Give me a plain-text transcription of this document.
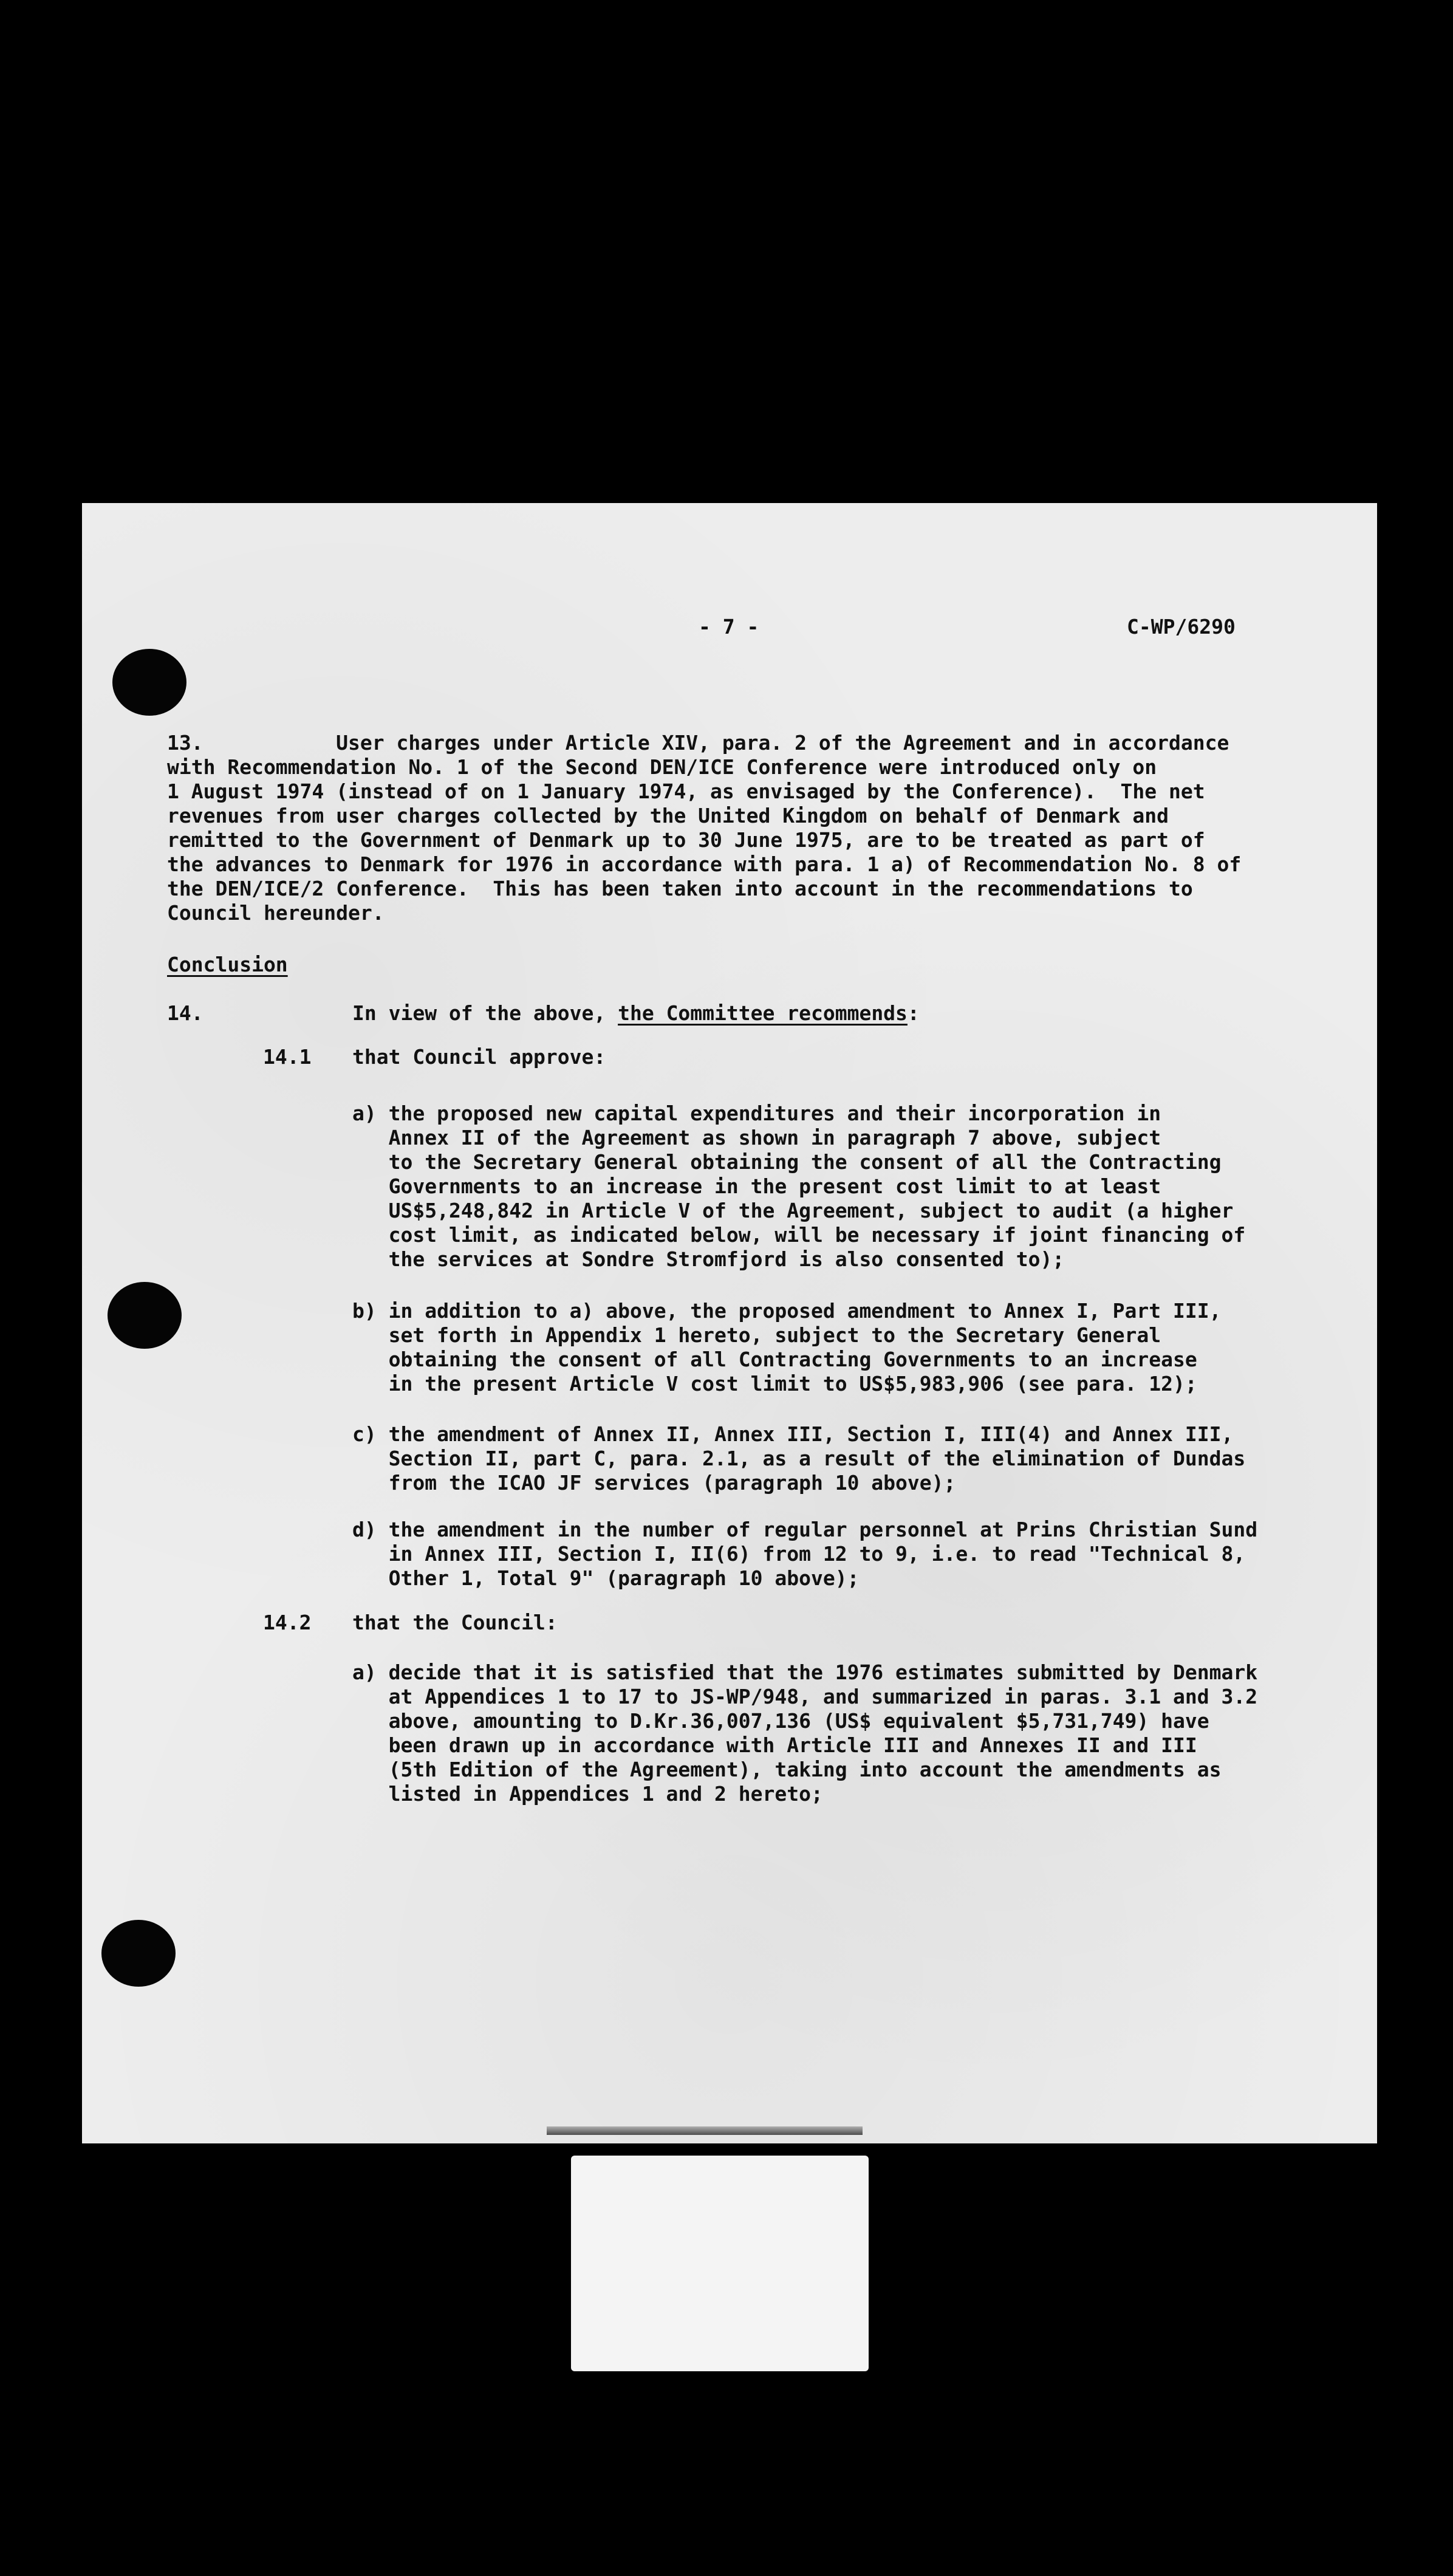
- 7 -	C-WP/6290
13.           User charges under Article XIV, para. 2 of the Agreement and in accordance
with Recommendation No. 1 of the Second DEN/ICE Conference were introduced only on
1 August 1974 (instead of on 1 January 1974, as envisaged by the Conference).  The net
revenues from user charges collected by the United Kingdom on behalf of Denmark and
remitted to the Government of Denmark up to 30 June 1975, are to be treated as part of
the advances to Denmark for 1976 in accordance with para. 1 a) of Recommendation No. 8 of
the DEN/ICE/2 Conference.  This has been taken into account in the recommendations to
Council hereunder.
Conclusion
14.	In view of the above, the Committee recommends:
14.1 that Council approve:
a) the proposed new capital expenditures and their incorporation in
Annex II of the Agreement as shown in paragraph 7 above, subject
to the Secretary General obtaining the consent of all the Contracting
Governments to an increase in the present cost limit to at least
US$5,248,842 in Article V of the Agreement, subject to audit (a higher
cost limit, as indicated below, will be necessary if joint financing of
the services at Sondre Stromfjord is also consented to);
b) in addition to a) above, the proposed amendment to Annex I, Part III,
set forth in Appendix 1 hereto, subject to the Secretary General
obtaining the consent of all Contracting Governments to an increase
in the present Article V cost limit to US$5,983,906 (see para. 12);
c) the amendment of Annex II, Annex III, Section I, III(4) and Annex III,
Section II, part C, para. 2.1, as a result of the elimination of Dundas
from the ICAO JF services (paragraph 10 above);
d) the amendment in the number of regular personnel at Prins Christian Sund
in Annex III, Section I, II(6) from 12 to 9, i.e. to read "Technical 8,
Other 1, Total 9" (paragraph 10 above);
14.2 that the Council:
a) decide that it is satisfied that the 1976 estimates submitted by Denmark
at Appendices 1 to 17 to JS-WP/948, and summarized in paras. 3.1 and 3.2
above, amounting to D.Kr.36,007,136 (US$ equivalent $5,731,749) have
been drawn up in accordance with Article III and Annexes II and III
(5th Edition of the Agreement), taking into account the amendments as
listed in Appendices 1 and 2 hereto;
